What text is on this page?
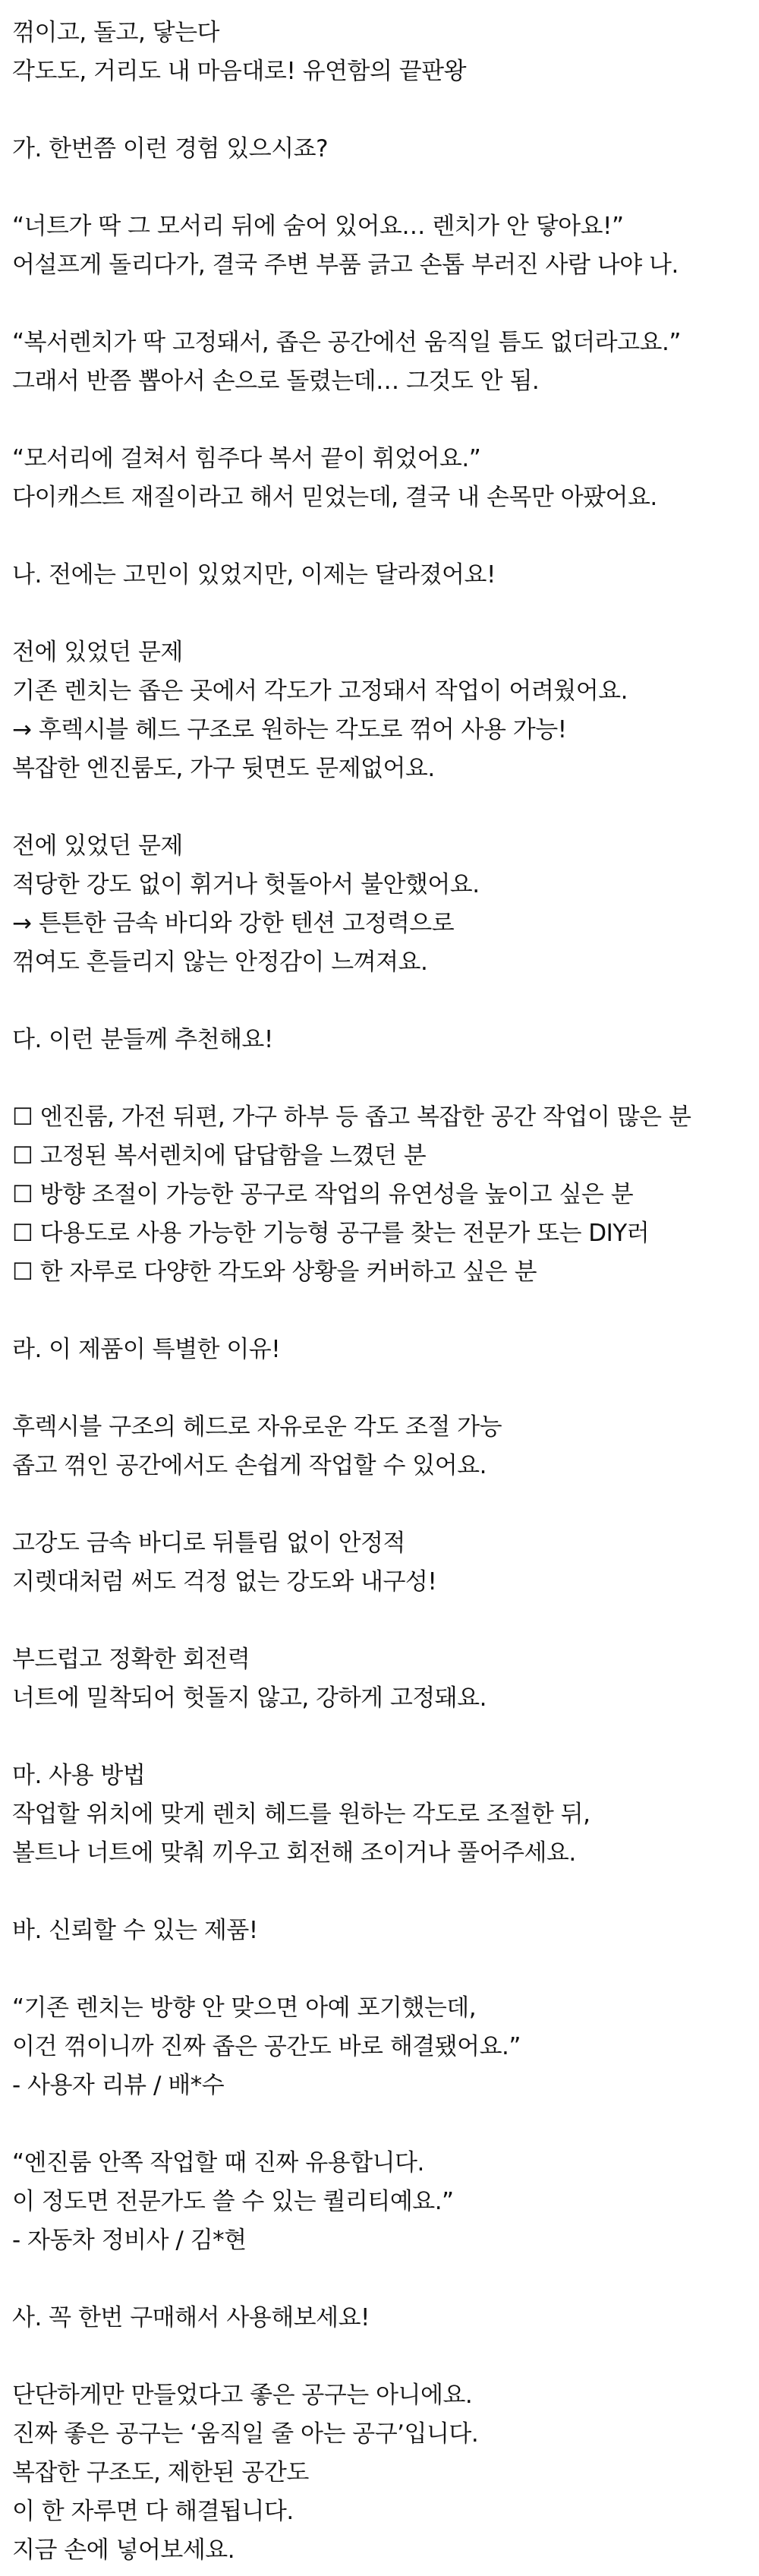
꺾이고, 돌고, 닿는다
각도도, 거리도 내 마음대로! 유연함의 끝판왕
가. 한번쯤 이런 경험 있으시죠?
“너트가 딱 그 모서리 뒤에 숨어 있어요… 렌치가 안 닿아요!”
어설프게 돌리다가, 결국 주변 부품 긁고 손톱 부러진 사람 나야 나.
“복서렌치가 딱 고정돼서, 좁은 공간에선 움직일 틈도 없더라고요.”
그래서 반쯤 뽑아서 손으로 돌렸는데… 그것도 안 됨.
“모서리에 걸쳐서 힘주다 복서 끝이 휘었어요.”
다이캐스트 재질이라고 해서 믿었는데, 결국 내 손목만 아팠어요.
나. 전에는 고민이 있었지만, 이제는 달라졌어요!
전에 있었던 문제
기존 렌치는 좁은 곳에서 각도가 고정돼서 작업이 어려웠어요.
→ 후렉시블 헤드 구조로 원하는 각도로 꺾어 사용 가능!
복잡한 엔진룸도, 가구 뒷면도 문제없어요.
전에 있었던 문제
적당한 강도 없이 휘거나 헛돌아서 불안했어요.
→ 튼튼한 금속 바디와 강한 텐션 고정력으로
꺾여도 흔들리지 않는 안정감이 느껴져요.
다. 이런 분들께 추천해요!
☐ 엔진룸, 가전 뒤편, 가구 하부 등 좁고 복잡한 공간 작업이 많은 분
☐ 고정된 복서렌치에 답답함을 느꼈던 분
☐ 방향 조절이 가능한 공구로 작업의 유연성을 높이고 싶은 분
☐ 다용도로 사용 가능한 기능형 공구를 찾는 전문가 또는 DIY러
☐ 한 자루로 다양한 각도와 상황을 커버하고 싶은 분
라. 이 제품이 특별한 이유!
후렉시블 구조의 헤드로 자유로운 각도 조절 가능
좁고 꺾인 공간에서도 손쉽게 작업할 수 있어요.
고강도 금속 바디로 뒤틀림 없이 안정적
지렛대처럼 써도 걱정 없는 강도와 내구성!
부드럽고 정확한 회전력
너트에 밀착되어 헛돌지 않고, 강하게 고정돼요.
마. 사용 방법
작업할 위치에 맞게 렌치 헤드를 원하는 각도로 조절한 뒤,
볼트나 너트에 맞춰 끼우고 회전해 조이거나 풀어주세요.
바. 신뢰할 수 있는 제품!
“기존 렌치는 방향 안 맞으면 아예 포기했는데,
이건 꺾이니까 진짜 좁은 공간도 바로 해결됐어요.”
- 사용자 리뷰 / 배*수
“엔진룸 안쪽 작업할 때 진짜 유용합니다.
이 정도면 전문가도 쓸 수 있는 퀄리티예요.”
- 자동차 정비사 / 김*현
사. 꼭 한번 구매해서 사용해보세요!
단단하게만 만들었다고 좋은 공구는 아니에요.
진짜 좋은 공구는 ‘움직일 줄 아는 공구’입니다.
복잡한 구조도, 제한된 공간도
이 한 자루면 다 해결됩니다.
지금 손에 넣어보세요.
